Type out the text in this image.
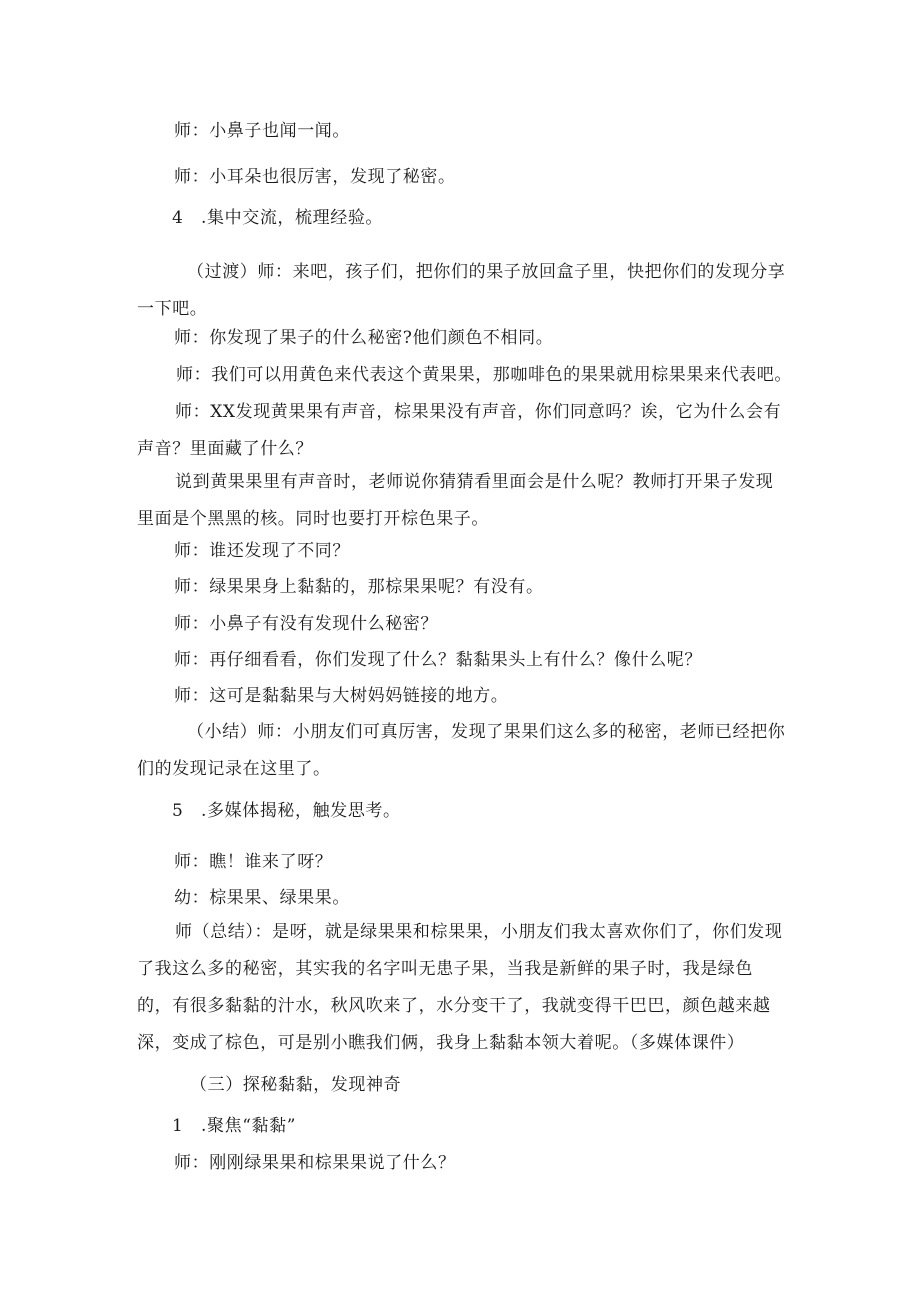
师：小鼻子也闻一闻。
师：小耳朵也很厉害，发现了秘密。
4　.集中交流，梳理经验。
（过渡）师：来吧，孩子们，把你们的果子放回盒子里，快把你们的发现分享一下吧。
师：你发现了果子的什么秘密?他们颜色不相同。
师：我们可以用黄色来代表这个黄果果，那咖啡色的果果就用棕果果来代表吧。
师：XX发现黄果果有声音，棕果果没有声音，你们同意吗？诶，它为什么会有声音？里面藏了什么？
说到黄果果里有声音时，老师说你猜猜看里面会是什么呢？教师打开果子发现里面是个黑黑的核。同时也要打开棕色果子。
师：谁还发现了不同？
师：绿果果身上黏黏的，那棕果果呢？有没有。
师：小鼻子有没有发现什么秘密？
师：再仔细看看，你们发现了什么？黏黏果头上有什么？像什么呢？
师：这可是黏黏果与大树妈妈链接的地方。
（小结）师：小朋友们可真厉害，发现了果果们这么多的秘密，老师已经把你们的发现记录在这里了。
5　.多媒体揭秘，触发思考。
师：瞧！谁来了呀？
幼：棕果果、绿果果。
师（总结）：是呀，就是绿果果和棕果果，小朋友们我太喜欢你们了，你们发现了我这么多的秘密，其实我的名字叫无患子果，当我是新鲜的果子时，我是绿色的，有很多黏黏的汁水，秋风吹来了，水分变干了，我就变得干巴巴，颜色越来越深，变成了棕色，可是别小瞧我们俩，我身上黏黏本领大着呢。（多媒体课件）
（三）探秘黏黏，发现神奇
1　.聚焦“黏黏”
师：刚刚绿果果和棕果果说了什么？
